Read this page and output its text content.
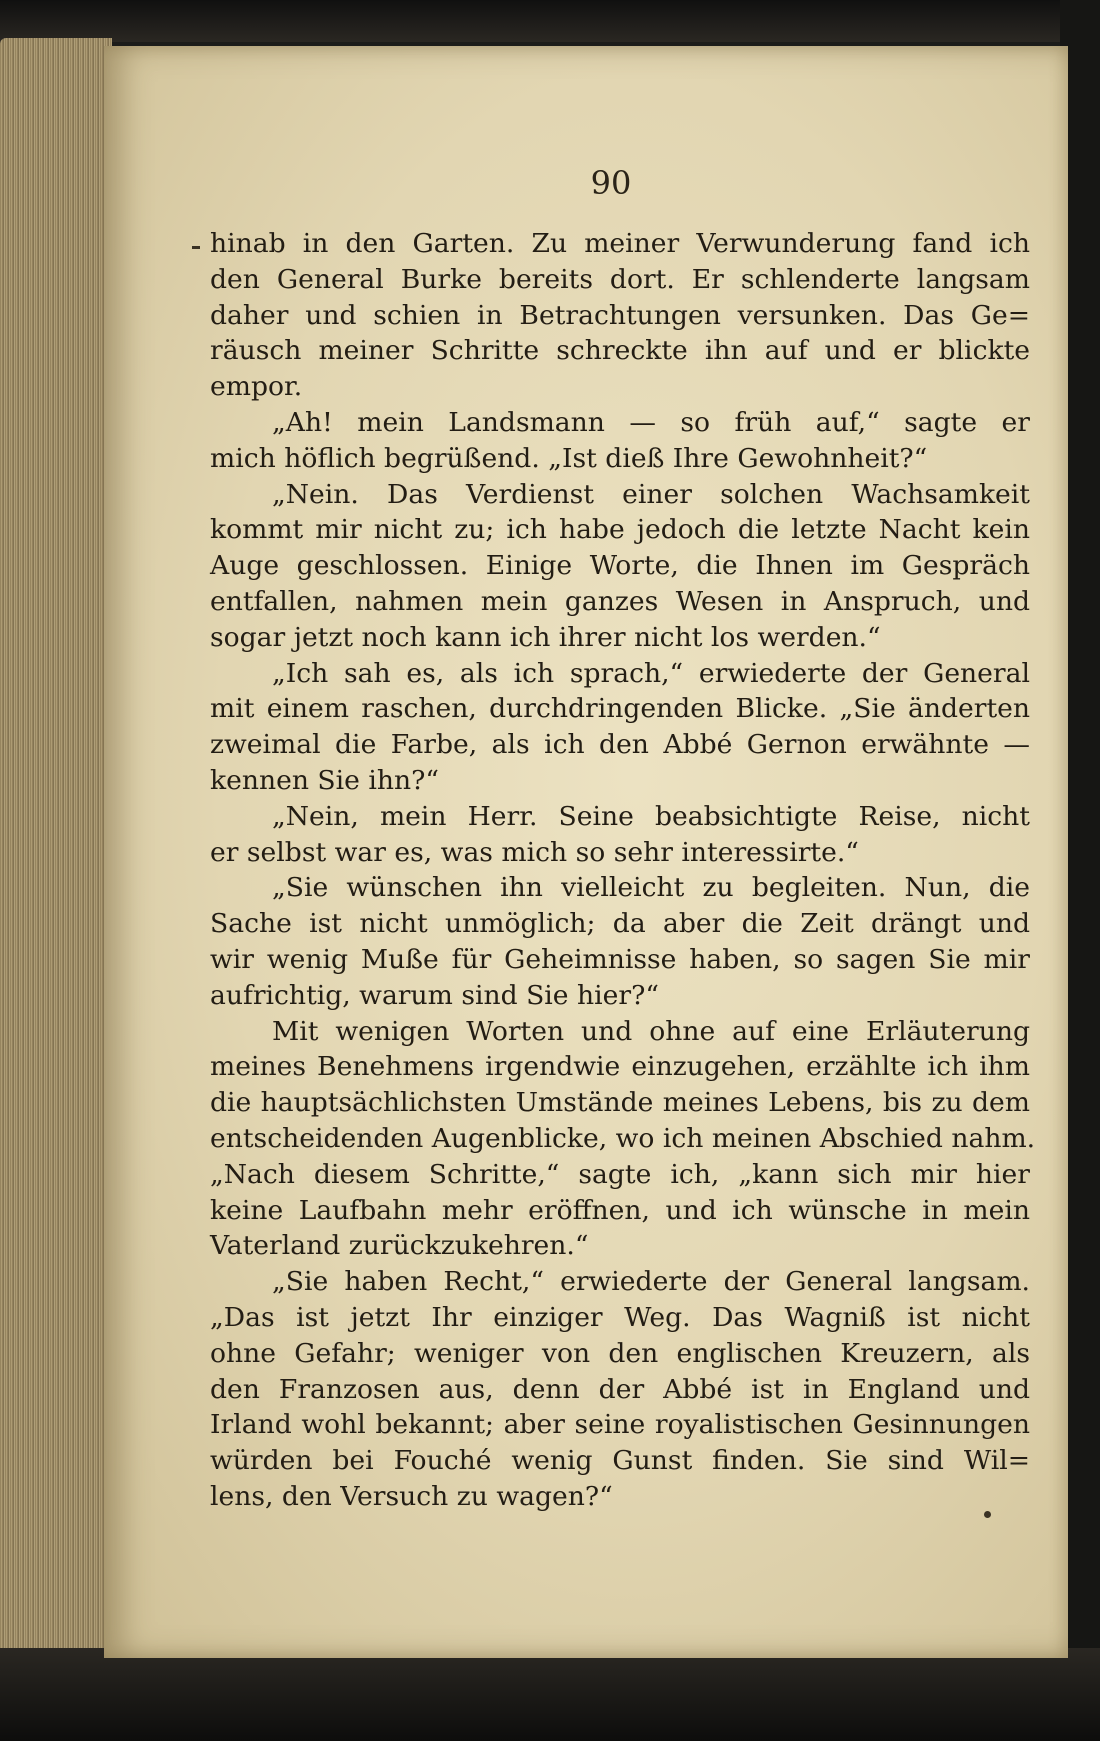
90
hinab in den Garten. Zu meiner Verwunderung fand ich
den General Burke bereits dort. Er schlenderte langsam
daher und schien in Betrachtungen versunken. Das Ge=
räusch meiner Schritte schreckte ihn auf und er blickte
empor.
„Ah! mein Landsmann — so früh auf,“ sagte er
mich höflich begrüßend. „Ist dieß Ihre Gewohnheit?“
„Nein. Das Verdienst einer solchen Wachsamkeit
kommt mir nicht zu; ich habe jedoch die letzte Nacht kein
Auge geschlossen. Einige Worte, die Ihnen im Gespräch
entfallen, nahmen mein ganzes Wesen in Anspruch, und
sogar jetzt noch kann ich ihrer nicht los werden.“
„Ich sah es, als ich sprach,“ erwiederte der General
mit einem raschen, durchdringenden Blicke. „Sie änderten
zweimal die Farbe, als ich den Abbé Gernon erwähnte —
kennen Sie ihn?“
„Nein, mein Herr. Seine beabsichtigte Reise, nicht
er selbst war es, was mich so sehr interessirte.“
„Sie wünschen ihn vielleicht zu begleiten. Nun, die
Sache ist nicht unmöglich; da aber die Zeit drängt und
wir wenig Muße für Geheimnisse haben, so sagen Sie mir
aufrichtig, warum sind Sie hier?“
Mit wenigen Worten und ohne auf eine Erläuterung
meines Benehmens irgendwie einzugehen, erzählte ich ihm
die hauptsächlichsten Umstände meines Lebens, bis zu dem
entscheidenden Augenblicke, wo ich meinen Abschied nahm.
„Nach diesem Schritte,“ sagte ich, „kann sich mir hier
keine Laufbahn mehr eröffnen, und ich wünsche in mein
Vaterland zurückzukehren.“
„Sie haben Recht,“ erwiederte der General langsam.
„Das ist jetzt Ihr einziger Weg. Das Wagniß ist nicht
ohne Gefahr; weniger von den englischen Kreuzern, als
den Franzosen aus, denn der Abbé ist in England und
Irland wohl bekannt; aber seine royalistischen Gesinnungen
würden bei Fouché wenig Gunst finden. Sie sind Wil=
lens, den Versuch zu wagen?“
